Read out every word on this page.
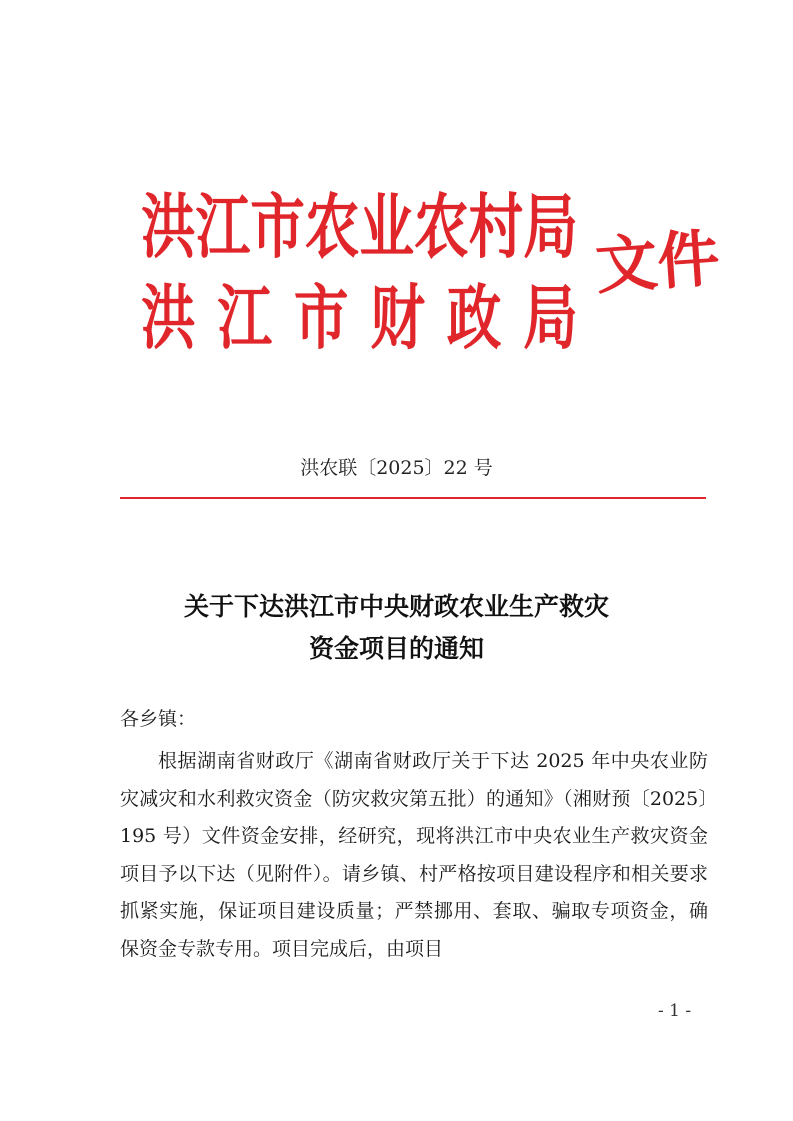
洪江市农业农村局
洪江市财政局
文件
洪农联〔2025〕22 号
关于下达洪江市中央财政农业生产救灾
资金项目的通知
各乡镇：

根据湖南省财政厅《湖南省财政厅关于下达 2025 年中央农业防灾减灾和水利救灾资金（防灾救灾第五批）的通知》（湘财预〔2025〕195 号）文件资金安排，经研究，现将洪江市中央农业生产救灾资金项目予以下达（见附件）。请乡镇、村严格按项目建设程序和相关要求抓紧实施，保证项目建设质量；严禁挪用、套取、骗取专项资金，确保资金专款专用。项目完成后，由项目

- 1 -
